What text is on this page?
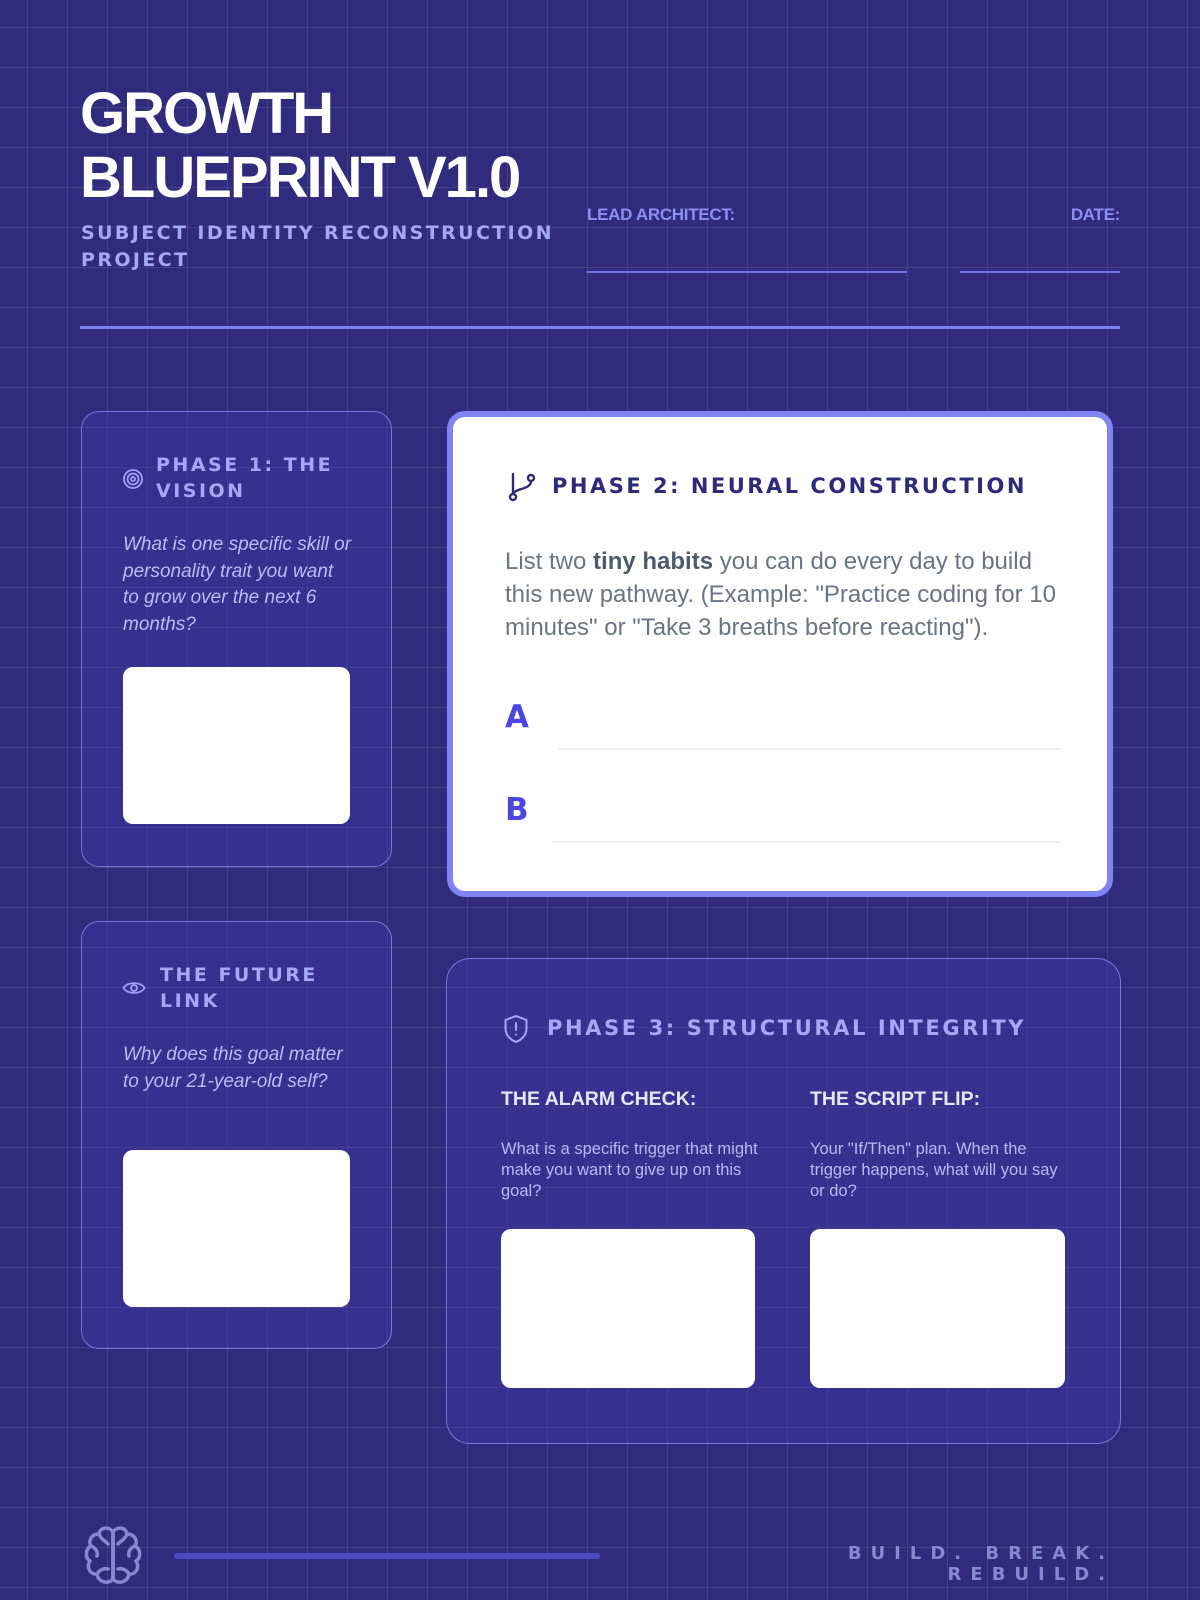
GROWTH
BLUEPRINT V1.0
SUBJECT IDENTITY RECONSTRUCTION PROJECT
LEAD ARCHITECT:	DATE:
PHASE 1: THE VISION
What is one specific skill or personality trait you want to grow over the next 6 months?
THE FUTURE LINK
Why does this goal matter to your 21-year-old self?
PHASE 2: NEURAL CONSTRUCTION
List two tiny habits you can do every day to build this new pathway. (Example: "Practice coding for 10 minutes" or "Take 3 breaths before reacting").
A
B
PHASE 3: STRUCTURAL INTEGRITY
THE ALARM CHECK:
What is a specific trigger that might make you want to give up on this goal?
THE SCRIPT FLIP:
Your "If/Then" plan. When the trigger happens, what will you say or do?
BUILD. BREAK. REBUILD.
